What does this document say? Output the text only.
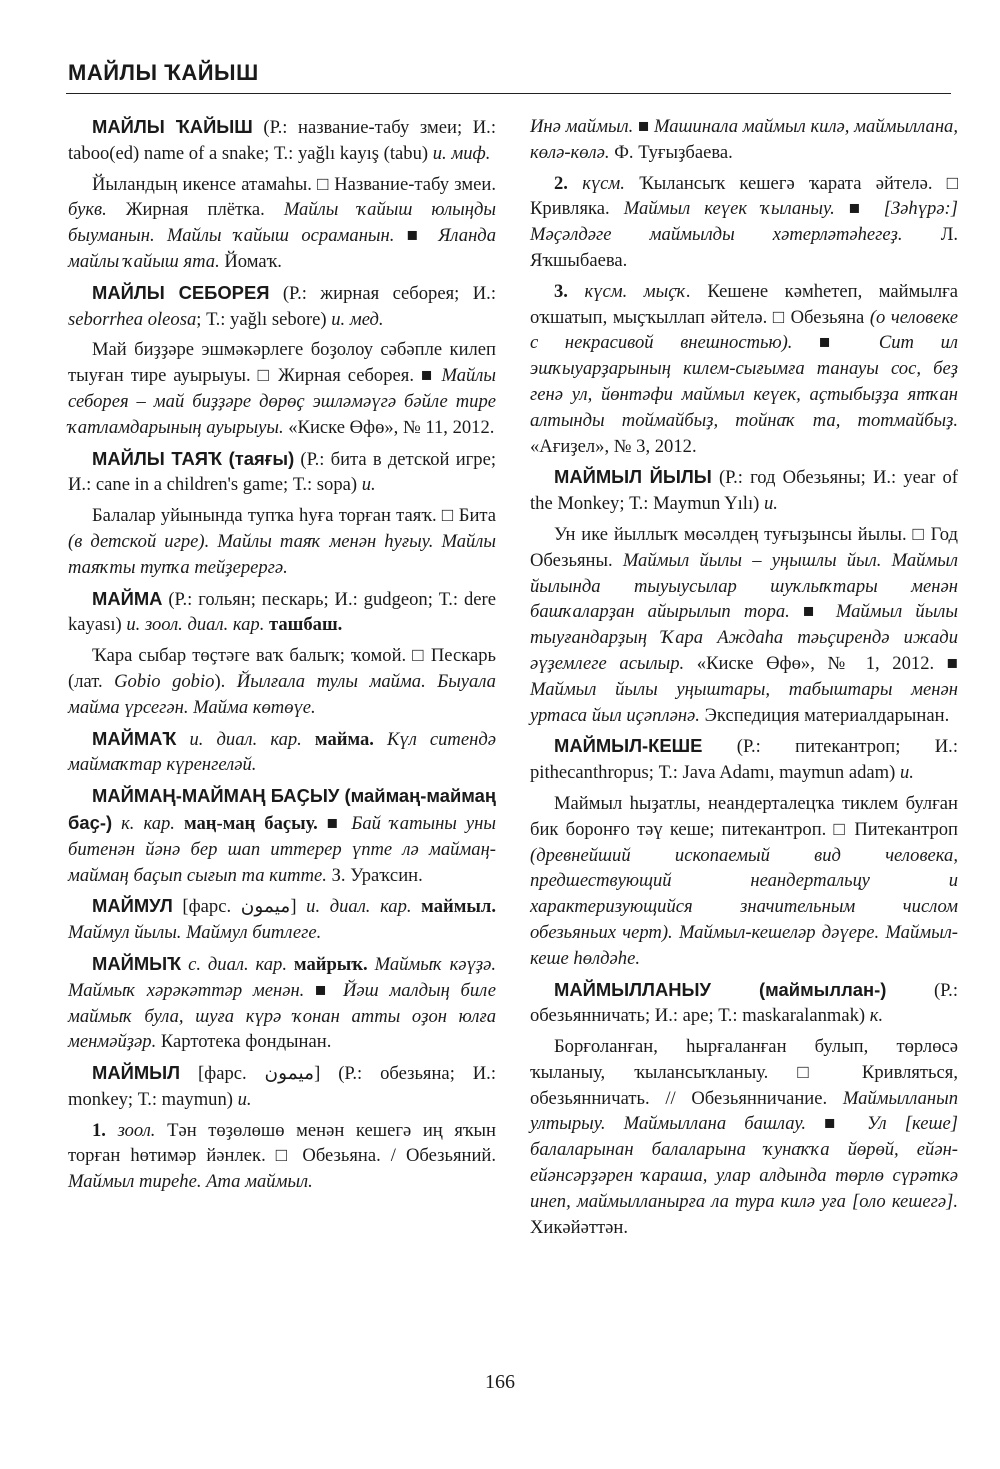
МАЙЛЫ ҠАЙЫШ

МАЙЛЫ ҠАЙЫШ (Р.: название-табу змеи; И.: taboo(ed) name of a snake; Т.: yağlı kayış (tabu) и. миф.

Йыландың икенсе атамаһы. □ Название-табу змеи. букв. Жирная плётка. Майлы ҡайыш юлыңды быуманын. Майлы ҡайыш осраманын. ■ Яланда майлы ҡайыш ята. Йомаҡ.

МАЙЛЫ СЕБОРЕЯ (Р.: жирная себорея; И.: seborrhea oleosa; Т.: yağlı sebore) и. мед.

Май биҙҙәре эшмәкәрлеге боҙолоу сәбәпле килеп тыуған тире ауырыуы. □ Жирная себорея. ■ Майлы себорея – май биҙҙәре дөрөҫ эшләмәүгә бәйле тире ҡатламдарының ауырыуы. «Киске Өфө», № 11, 2012.

МАЙЛЫ ТАЯҠ (таяғы) (Р.: бита в детской игре; И.: cane in a children's game; Т.: sopa) и.

Балалар уйынында тупҡа һуға торған таяҡ. □ Бита (в детской игре). Майлы таяҡ менән һуғыу. Майлы таяҡты тупҡа тейҙерергә.

МАЙМА (Р.: гольян; пескарь; И.: gudgeon; Т.: dere kayası) и. зоол. диал. кар. ташбаш.

Ҡара сыбар төҫтәге ваҡ балыҡ; ҡомой. □ Пескарь (лат. Gobio gobio). Йылғала тулы майма. Быуала майма үрсегән. Майма көтөүе.

МАЙМАҠ и. диал. кар. майма. Күл ситендә маймаҡтар күренгеләй.

МАЙМАҢ-МАЙМАҢ БАҪЫУ (маймаң-маймаң баҫ-) к. кар. маң-маң баҫыу. ■ Бай ҡатыны уны битенән йәнә бер шап иттерер үпте лә маймаң-маймаң баҫып сығып та китте. З. Ураҡсин.

МАЙМУЛ [фарс. میمون] и. диал. кар. маймыл. Маймул йылы. Маймул битлеге.

МАЙМЫҠ с. диал. кар. майрыҡ. Маймыҡ кәүҙә. Маймыҡ хәрәкәттәр менән. ■ Йәш малдың биле маймыҡ була, шуға күрә ҡонан атты оҙон юлға менмәйҙәр. Картотека фондынан.

МАЙМЫЛ [фарс. میمون] (Р.: обезьяна; И.: monkey; Т.: maymun) и.

1. зоол. Тән төҙөлөшө менән кешегә иң яҡын торған һөтимәр йәнлек. □ Обезьяна. / Обезьяний. Маймыл тиреһе. Ата маймыл.

Инә маймыл. ■ Машинала маймыл килә, маймыллана, көлә-көлә. Ф. Туғыҙбаева.

2. күсм. Ҡылансыҡ кешегә ҡарата әйтелә. □ Кривляка. Маймыл кеүек ҡыланыу. ■ [Зәһүрә:] Мәҫәлдәге маймылды хәтерләтәһегеҙ. Л. Яҡшыбаева.

3. күсм. мыҫҡ. Кешене кәмһетеп, маймылға оҡшатып, мыҫҡыллап әйтелә. □ Обезьяна (о человеке с некрасивой внешностью). ■ Сит ил эшҡыуарҙарының килем-сығымға танауы сос, беҙ генә ул, йөнтәфи маймыл кеүек, аҫтыбыҙҙа ятҡан алтынды тоймайбыҙ, тойнаҡ та, тотмайбыҙ. «Ағиҙел», № 3, 2012.

МАЙМЫЛ ЙЫЛЫ (Р.: год Обезьяны; И.: year of the Monkey; Т.: Maymun Yılı) и.

Ун ике йыллыҡ мөсәлдең туғыҙынсы йылы. □ Год Обезьяны. Маймыл йылы – уңышлы йыл. Маймыл йылында тыуыусылар шуҡлыҡтары менән башҡаларҙан айырылып тора. ■ Маймыл йылы тыуғандарҙың Ҡара Аждаһа тәьҫирендә ижади әүҙемлеге асылыр. «Киске Өфө», № 1, 2012. ■ Маймыл йылы уңыштары, табыштары менән уртаса йыл иҫәпләнә. Экспедиция материалдарынан.

МАЙМЫЛ-КЕШЕ (Р.: питекантроп; И.: pithecanthropus; Т.: Java Adamı, maymun adam) и.

Маймыл һыҙатлы, неандерталецҡа тиклем булған бик боронғо тәү кеше; питекантроп. □ Питекантроп (древнейший ископаемый вид человека, предшествующий неандертальцу и характеризующийся значительным числом обезьяньих черт). Маймыл-кешеләр дәүере. Маймыл-кеше һөлдәһе.

МАЙМЫЛЛАНЫУ (маймыллан-) (Р.: обезьянничать; И.: ape; Т.: maskaralanmak) к.

Борғоланған, һырғаланған булып, төрлөсә ҡыланыу, ҡылансыҡланыу. □ Кривляться, обезьянничать. // Обезьянничание. Маймылланып ултырыу. Маймыллана башлау. ■ Ул [кеше] балаларынан балаларына ҡунаҡҡа йөрөй, ейән-ейәнсәрҙәрен ҡараша, улар алдында төрлө сүрәткә инеп, маймылланырға ла тура килә уға [оло кешегә]. Хикәйәттән.

166
